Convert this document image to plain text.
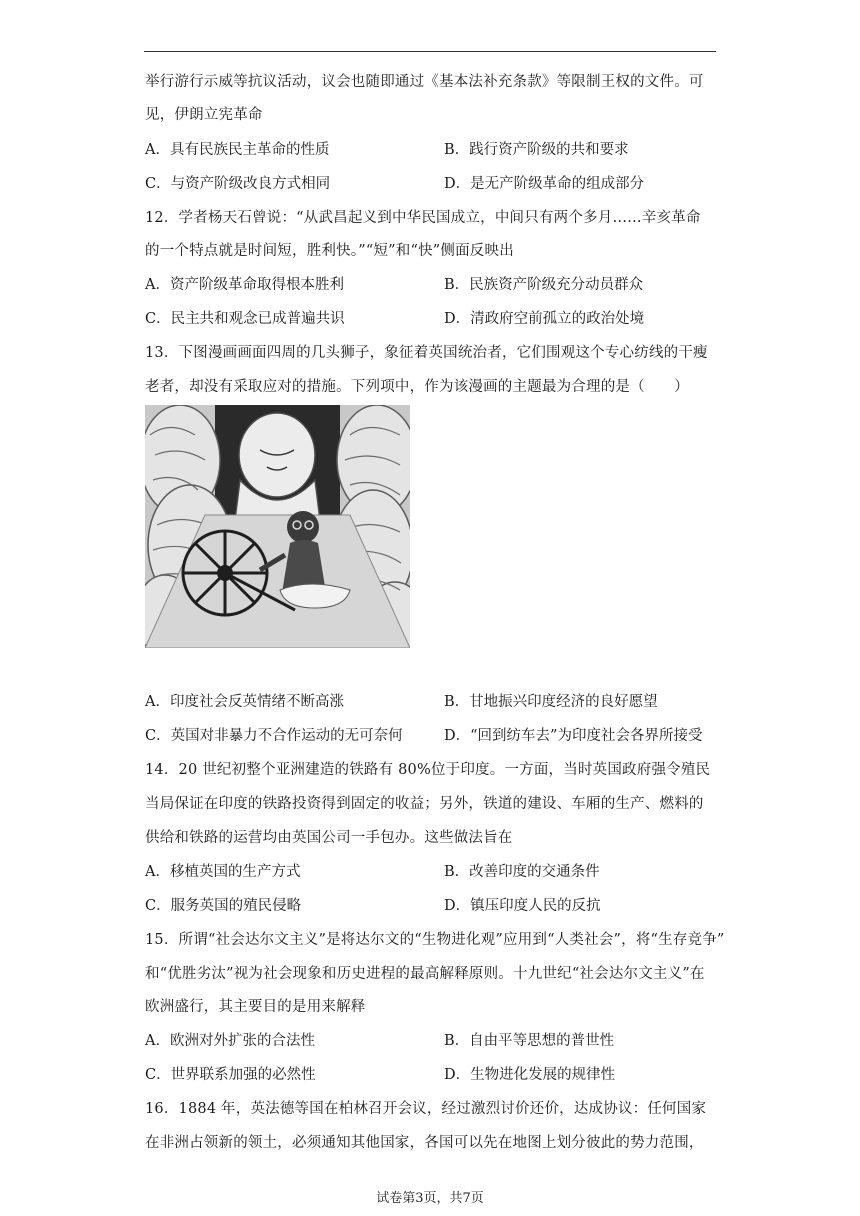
举行游行示威等抗议活动，议会也随即通过《基本法补充条款》等限制王权的文件。可
见，伊朗立宪革命
A．具有民族民主革命的性质	B．践行资产阶级的共和要求
C．与资产阶级改良方式相同	D．是无产阶级革命的组成部分
12．学者杨天石曾说：“从武昌起义到中华民国成立，中间只有两个多月……辛亥革命
的一个特点就是时间短，胜利快。”“短”和“快”侧面反映出
A．资产阶级革命取得根本胜利	B．民族资产阶级充分动员群众
C．民主共和观念已成普遍共识	D．清政府空前孤立的政治处境
13．下图漫画画面四周的几头狮子，象征着英国统治者，它们围观这个专心纺线的干瘦
老者，却没有采取应对的措施。下列项中，作为该漫画的主题最为合理的是（　　）
A．印度社会反英情绪不断高涨	B．甘地振兴印度经济的良好愿望
C．英国对非暴力不合作运动的无可奈何	D．“回到纺车去”为印度社会各界所接受
14．20 世纪初整个亚洲建造的铁路有 80%位于印度。一方面，当时英国政府强令殖民
当局保证在印度的铁路投资得到固定的收益；另外，铁道的建设、车厢的生产、燃料的
供给和铁路的运营均由英国公司一手包办。这些做法旨在
A．移植英国的生产方式	B．改善印度的交通条件
C．服务英国的殖民侵略	D．镇压印度人民的反抗
15．所谓“社会达尔文主义”是将达尔文的“生物进化观”应用到“人类社会”，将“生存竞争”
和“优胜劣汰”视为社会现象和历史进程的最高解释原则。十九世纪“社会达尔文主义”在
欧洲盛行，其主要目的是用来解释
A．欧洲对外扩张的合法性	B．自由平等思想的普世性
C．世界联系加强的必然性	D．生物进化发展的规律性
16．1884 年，英法德等国在柏林召开会议，经过激烈讨价还价，达成协议：任何国家
在非洲占领新的领土，必须通知其他国家，各国可以先在地图上划分彼此的势力范围，
试卷第3页，共7页
